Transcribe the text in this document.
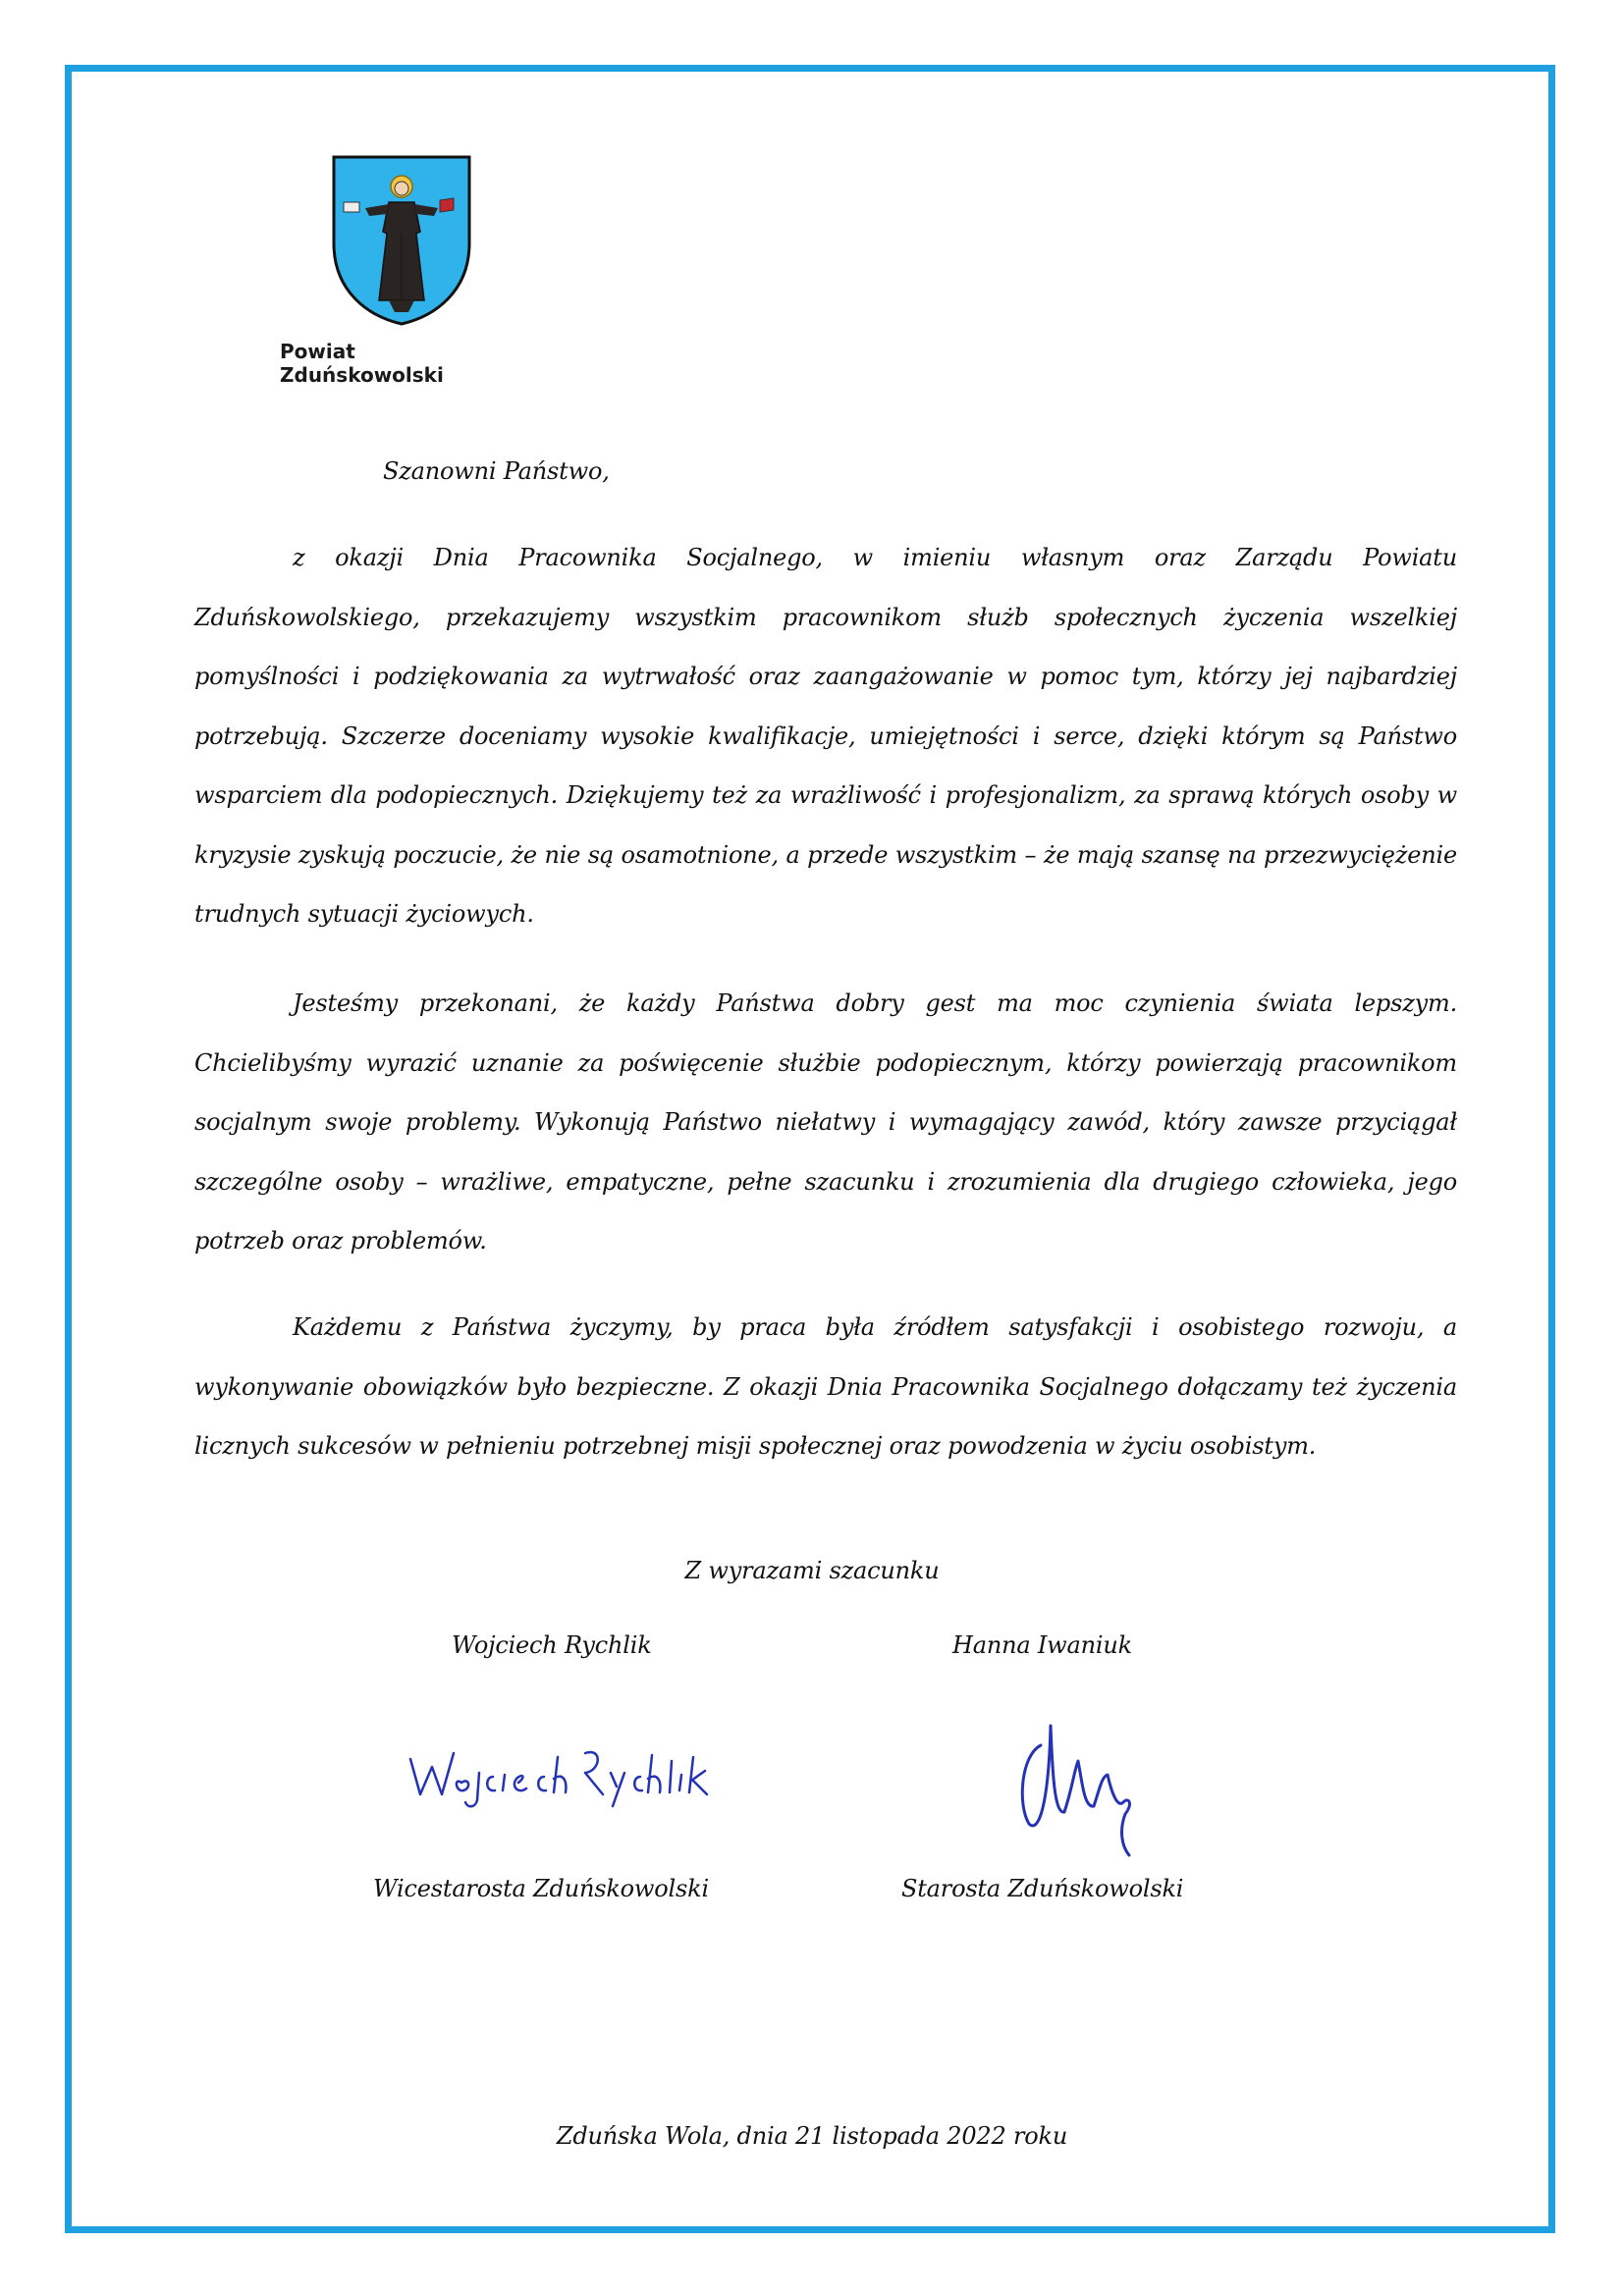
Powiat Zduńskowolski
Szanowni Państwo,

z okazji Dnia Pracownika Socjalnego, w imieniu własnym oraz Zarządu Powiatu Zduńskowolskiego, przekazujemy wszystkim pracownikom służb społecznych życzenia wszelkiej pomyślności i podziękowania za wytrwałość oraz zaangażowanie w pomoc tym, którzy jej najbardziej potrzebują. Szczerze doceniamy wysokie kwalifikacje, umiejętności i serce, dzięki którym są Państwo wsparciem dla podopiecznych. Dziękujemy też za wrażliwość i profesjonalizm, za sprawą których osoby w kryzysie zyskują poczucie, że nie są osamotnione, a przede wszystkim – że mają szansę na przezwyciężenie trudnych sytuacji życiowych.

Jesteśmy przekonani, że każdy Państwa dobry gest ma moc czynienia świata lepszym. Chcielibyśmy wyrazić uznanie za poświęcenie służbie podopiecznym, którzy powierzają pracownikom socjalnym swoje problemy. Wykonują Państwo niełatwy i wymagający zawód, który zawsze przyciągał szczególne osoby – wrażliwe, empatyczne, pełne szacunku i zrozumienia dla drugiego człowieka, jego potrzeb oraz problemów.

Każdemu z Państwa życzymy, by praca była źródłem satysfakcji i osobistego rozwoju, a wykonywanie obowiązków było bezpieczne. Z okazji Dnia Pracownika Socjalnego dołączamy też życzenia licznych sukcesów w pełnieniu potrzebnej misji społecznej oraz powodzenia w życiu osobistym.

Z wyrazami szacunku
Wojciech Rychlik	Hanna Iwaniuk
Wicestarosta Zduńskowolski	Starosta Zduńskowolski
Zduńska Wola, dnia 21 listopada 2022 roku
